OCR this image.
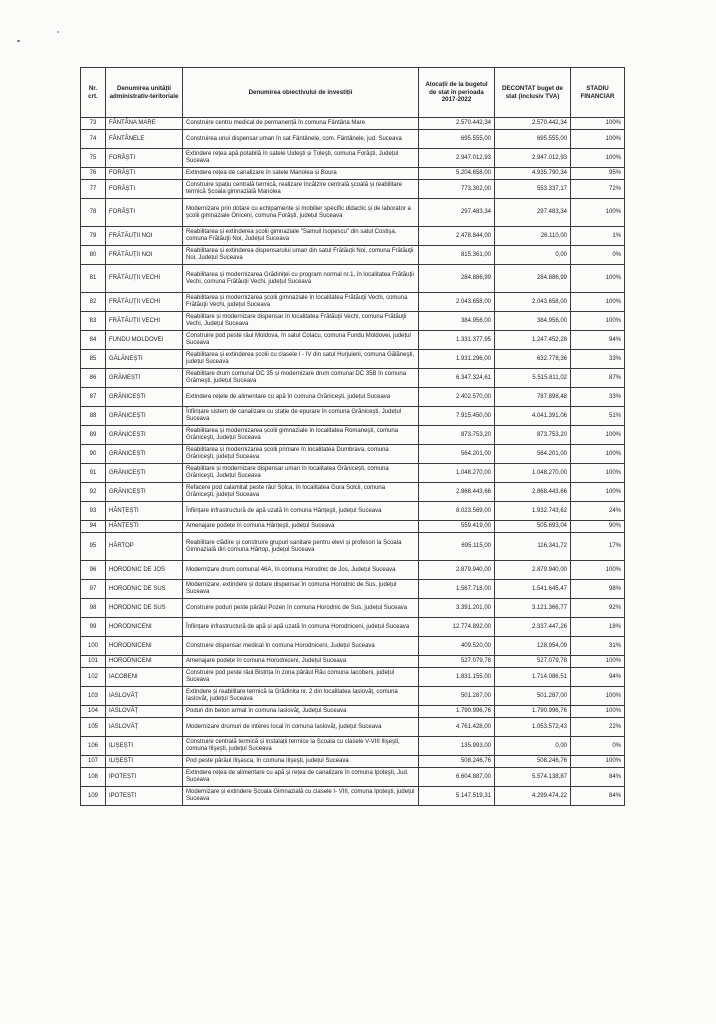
Nr. crt.	Denumirea unității administrativ-teritoriale	Denumirea obiectivului de investiții	Alocații de la bugetul de stat în perioada 2017-2022	DECONTAT buget de stat (inclusiv TVA)	STADIU FINANCIAR
73	FÂNTÂNA MARE	Construire centru medical de permanență în comuna Fântâna Mare	2.570.442,34	2.570.442,34	100%
74	FÂNTÂNELE	Construirea unui dispensar uman în sat Fântânele, com. Fântânele, jud. Suceava	695.555,00	695.555,00	100%
75	FORĂȘTI	Extindere rețea apă potabilă în satele Uideşti și Țoleşti, comuna Forăşti, Județul Suceava	2.947.012,93	2.947.012,93	100%
76	FORĂȘTI	Extindere rețea de canalizare în satele Manolea și Boura	5.204.658,00	4.935.790,34	95%
77	FORĂȘTI	Construire spațiu centrală termică, realizare încălzire centrală școală și reabilitare termică Școala gimnazială Manolea	773.302,00	553.337,17	72%
78	FORĂȘTI	Modernizare prin dotare cu echipamente și mobilier specific didactic și de laborator a școlii gimnaziale Oniceni, comuna Forăşti, județul Suceava	297.483,34	297.483,34	100%
79	FRĂTĂUȚII NOI	Reabilitarea și extinderea școlii gimnaziale "Samuil Isopescu" din satul Costişa, comuna Frătăuţii Noi, Județul Suceava	2.478.844,00	26.110,00	1%
80	FRĂTĂUȚII NOI	Reabilitarea și extinderea dispensarului uman din satul Frătăuții Noi, comuna Frătăuţii Noi, Județul Suceava	815.361,00	0,00	0%
81	FRĂTĂUȚII VECHI	Reabilitarea și modernizarea Grădiniței cu program normal nr.1, în localitatea Frătăuții Vechi, comuna Frătăuții Vechi, județul Suceava	284.886,99	284.886,99	100%
82	FRĂTĂUȚII VECHI	Reabilitarea și modernizarea școlii gimnaziale în localitatea Frătăuţii Vechi, comuna Frătăuţii Vechi, județul Suceava	2.043.658,00	2.043.658,00	100%
83	FRĂTĂUȚII VECHI	Reabilitare și modernizare dispensar în localitatea Frătăuţii Vechi, comuna Frătăuţii Vechi, Județul Suceava	384.956,00	384.956,00	100%
84	FUNDU MOLDOVEI	Construire pod peste râul Moldova, în satul Colacu, comuna Fundu Moldovei, județul Suceava	1.331.377,95	1.247.452,28	94%
85	GĂLĂNEȘTI	Reabilitarea și extinderea școlii cu clasele I - IV din satul Hurjuieni, comuna Gălăneşti, județul Suceava	1.931.296,00	632.778,36	33%
86	GRĂMEȘTI	Reabilitare drum comunal DC 35 și modernizare drum comunal DC 35B în comuna Grămeşti, județul Suceava	6.347.324,61	5.515.811,02	87%
87	GRĂNICEȘTI	Extindere rețele de alimentare cu apă în comuna Grăniceşti, județul Suceava	2.402.570,00	787.898,48	33%
88	GRĂNICEȘTI	Înființare sistem de canalizare cu stație de epurare în comuna Grăniceşti, Județul Suceava	7.915.450,00	4.041.391,06	51%
89	GRĂNICEȘTI	Reabilitarea și modernizarea școlii gimnaziale în localitatea Romaneşti, comuna Grăniceşti, Județul Suceava	873.753,20	873.753,20	100%
90	GRĂNICEȘTI	Reabilitarea și modernizarea școlii primare în localitatea Dumbrava, comuna Grăniceşti, județul Suceava	564.201,00	564.201,00	100%
91	GRĂNICEȘTI	Reabilitare și modernizare dispensar uman în localitatea Grănicești, comuna Grăniceşti, Județul Suceava	1.048.270,00	1.048.270,00	100%
92	GRĂNICEȘTI	Refacere pod calamitat peste râul Solca, în localitatea Gura Solcii, comuna Grăniceşti, județul Suceava	2.868.443,66	2.868.443,66	100%
93	HÂNȚEȘTI	Înființare infrastructură de apă uzată în comuna Hânțeşti, județul Suceava	8.023.569,00	1.932.743,62	24%
94	HÂNȚEȘTI	Amenajare podețe în comuna Hânțeşti, județul Suceava	559.419,00	505.693,04	90%
95	HÂRTOP	Reabilitare clădire și construire grupuri sanitare pentru elevi și profesori la Școala Gimnazială din comuna Hârtop, județul Suceava	695.115,00	116.341,72	17%
96	HORODNIC DE JOS	Modernizare drum comunal 46A, în comuna Horodnic de Jos, Județul Suceava	2.879.940,00	2.879.940,00	100%
97	HORODNIC DE SUS	Modernizare, extindere și dotare dispensar în comuna Horodnic de Sus, județul Suceava	1.567.718,00	1.541.645,47	98%
98	HORODNIC DE SUS	Construire poduri peste pârâul Pozen în comuna Horodnic de Sus, județul Suceava	3.391.201,00	3.121.366,77	92%
99	HORODNICENI	Înființare infrastructură de apă și apă uzată în comuna Horodniceni, județul Suceava	12.774.892,00	2.337.447,26	18%
100	HORODNICENI	Construire dispensar medical în comuna Horodniceni, Județul Suceava	409.520,00	128.954,09	31%
101	HORODNICENI	Amenajare podețe în comuna Horodniceni, Județul Suceava	527.079,78	527.079,78	100%
102	IACOBENI	Construire pod peste râul Bistrița în zona pârâul Rău comuna Iacobeni, județul Suceava	1.831.155,00	1.714.086,51	94%
103	IASLOVĂȚ	Extindere și reabilitare termică la Grădinița nr. 2 din localitatea Iaslovăț, comuna Iaslovăț, județul Suceava	501.287,00	501.287,00	100%
104	IASLOVĂȚ	Poduri din beton armat în comuna Iaslovăț, Județul Suceava	1.790.996,76	1.790.996,76	100%
105	IASLOVĂȚ	Modernizare drumuri de interes local în comuna Iaslovăț, județul Suceava	4.761.428,00	1.053.572,43	22%
106	ILIȘEȘTI	Construire centrală termică și instalații termice la Școala cu clasele V-VIII Ilişeşti, comuna Ilişeşti, județul Suceava	135.993,00	0,00	0%
107	ILIȘEȘTI	Pod peste pârâul Ilişasca, în comuna Ilişeşti, județul Suceava	508.246,76	508.246,76	100%
108	IPOTEȘTI	Extindere rețea de alimentare cu apă și rețea de canalizare în comuna Ipoteşti, Jud. Suceava	6.604.887,00	5.574.138,87	84%
109	IPOTEȘTI	Modernizare și extindere Școala Gimnazială cu clasele I- VIII, comuna Ipoteşti, județul Suceava	5.147.519,31	4.299.474,22	84%
